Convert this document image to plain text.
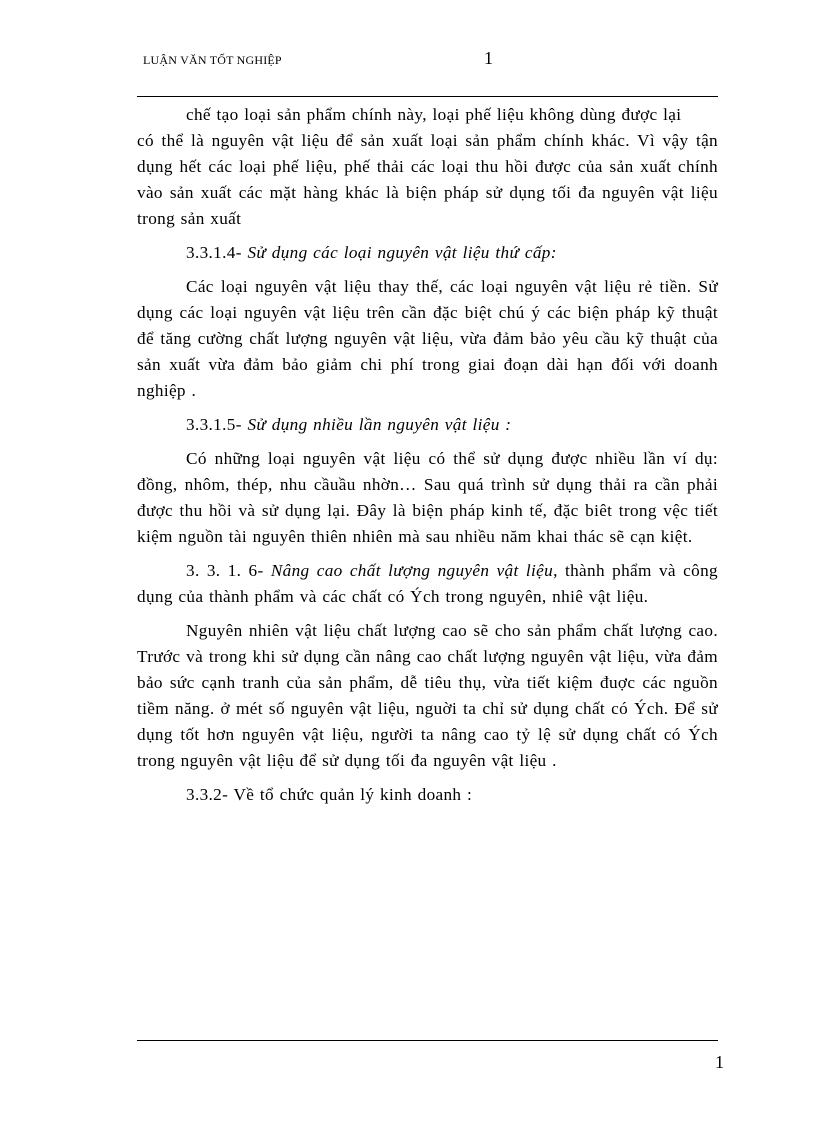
LUẬN VĂN TỐT NGHIỆP	1

chế tạo loại sản phẩm chính này, loại phế liệu không dùng được lại

có thể là nguyên vật liệu để sản xuất loại sản phẩm chính khác. Vì vậy tận dụng hết các loại phế liệu, phế thải các loại thu hồi được của sản xuất chính vào sản xuất các mặt hàng khác là biện pháp sử dụng tối đa nguyên vật liệu trong sản xuất

3.3.1.4- Sử dụng các loại nguyên vật liệu thứ cấp:

Các loại nguyên vật liệu thay thế, các loại nguyên vật liệu rẻ tiền. Sử dụng các loại nguyên vật liệu trên cần đặc biệt chú ý các biện pháp kỹ thuật để tăng cường chất lượng nguyên vật liệu, vừa đảm bảo yêu cầu kỹ thuật của sản xuất vừa đảm bảo giảm chi phí trong giai đoạn dài hạn đối với doanh nghiệp .

3.3.1.5- Sử dụng nhiều lần nguyên vật liệu :

Có những loại nguyên vật liệu có thể sử dụng được nhiều lần ví dụ: đồng, nhôm, thép, nhu cầuầu nhờn… Sau quá trình sử dụng thải ra cần phải được thu hồi và sử dụng lại. Đây là biện pháp kinh tế, đặc biêt trong vệc tiết kiệm nguồn tài nguyên thiên nhiên mà sau nhiều năm khai thác sẽ cạn kiệt.

3. 3. 1. 6- Nâng cao chất lượng nguyên vật liệu, thành phẩm và công dụng của thành phẩm và các chất có Ých trong nguyên, nhiê vật liệu.

Nguyên nhiên vật liệu chất lượng cao sẽ cho sản phẩm chất lượng cao. Trước và trong khi sử dụng cần nâng cao chất lượng nguyên vật liệu, vừa đảm bảo sức cạnh tranh của sản phẩm, dễ tiêu thụ, vừa tiết kiệm đuợc các nguồn tiềm năng. ở mét số nguyên vật liệu, nguời ta chỉ sử dụng chất có Ých. Để sử dụng tốt hơn nguyên vật liệu, người ta nâng cao tỷ lệ sử dụng chất có Ých trong nguyên vật liệu để sử dụng tối đa nguyên vật liệu .

3.3.2- Về tổ chức quản lý kinh doanh :

1
